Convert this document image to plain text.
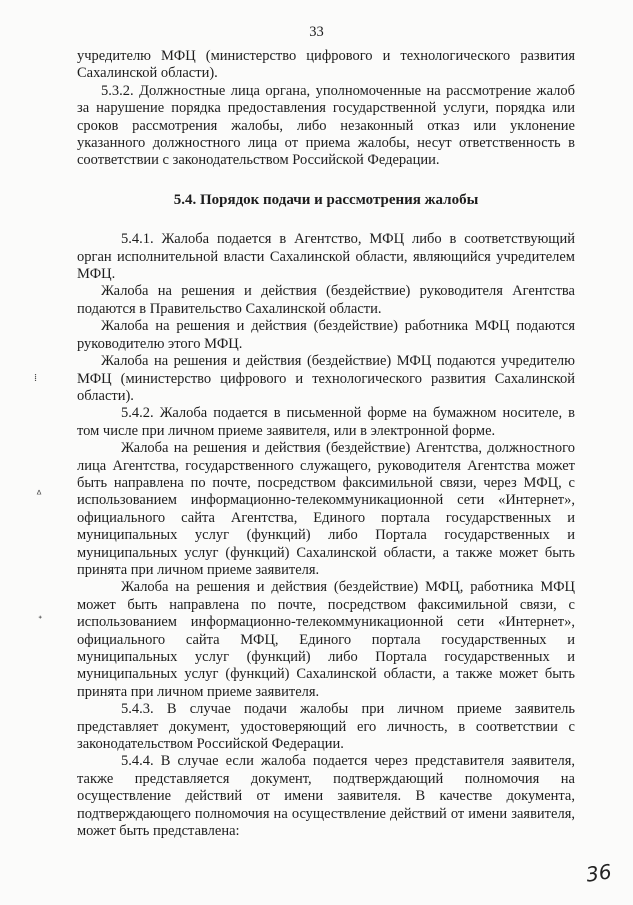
33

учредителю МФЦ (министерство цифрового и технологического развития Сахалинской области).

5.3.2. Должностные лица органа, уполномоченные на рассмотрение жалоб за нарушение порядка предоставления государственной услуги, порядка или сроков рассмотрения жалобы, либо незаконный отказ или уклонение указанного должностного лица от приема жалобы, несут ответственность в соответствии с законодательством Российской Федерации.

5.4. Порядок подачи и рассмотрения жалобы

5.4.1. Жалоба подается в Агентство, МФЦ либо в соответствующий орган исполнительной власти Сахалинской области, являющийся учредителем МФЦ.

Жалоба на решения и действия (бездействие) руководителя Агентства подаются в Правительство Сахалинской области.

Жалоба на решения и действия (бездействие) работника МФЦ подаются руководителю этого МФЦ.

Жалоба на решения и действия (бездействие) МФЦ подаются учредителю МФЦ (министерство цифрового и технологического развития Сахалинской области).

5.4.2. Жалоба подается в письменной форме на бумажном носителе, в том числе при личном приеме заявителя, или в электронной форме.

Жалоба на решения и действия (бездействие) Агентства, должностного лица Агентства, государственного служащего, руководителя Агентства может быть направлена по почте, посредством факсимильной связи, через МФЦ, с использованием информационно-телекоммуникационной сети «Интернет», официального сайта Агентства, Единого портала государственных и муниципальных услуг (функций) либо Портала государственных и муниципальных услуг (функций) Сахалинской области, а также может быть принята при личном приеме заявителя.

Жалоба на решения и действия (бездействие) МФЦ, работника МФЦ может быть направлена по почте, посредством факсимильной связи, с использованием информационно-телекоммуникационной сети «Интернет», официального сайта МФЦ, Единого портала государственных и муниципальных услуг (функций) либо Портала государственных и муниципальных услуг (функций) Сахалинской области, а также может быть принята при личном приеме заявителя.

5.4.3. В случае подачи жалобы при личном приеме заявитель представляет документ, удостоверяющий его личность, в соответствии с законодательством Российской Федерации.

5.4.4. В случае если жалоба подается через представителя заявителя, также представляется документ, подтверждающий полномочия на осуществление действий от имени заявителя. В качестве документа, подтверждающего полномочия на осуществление действий от имени заявителя, может быть представлена:

⁞
ᐞ
ᐩ
36
